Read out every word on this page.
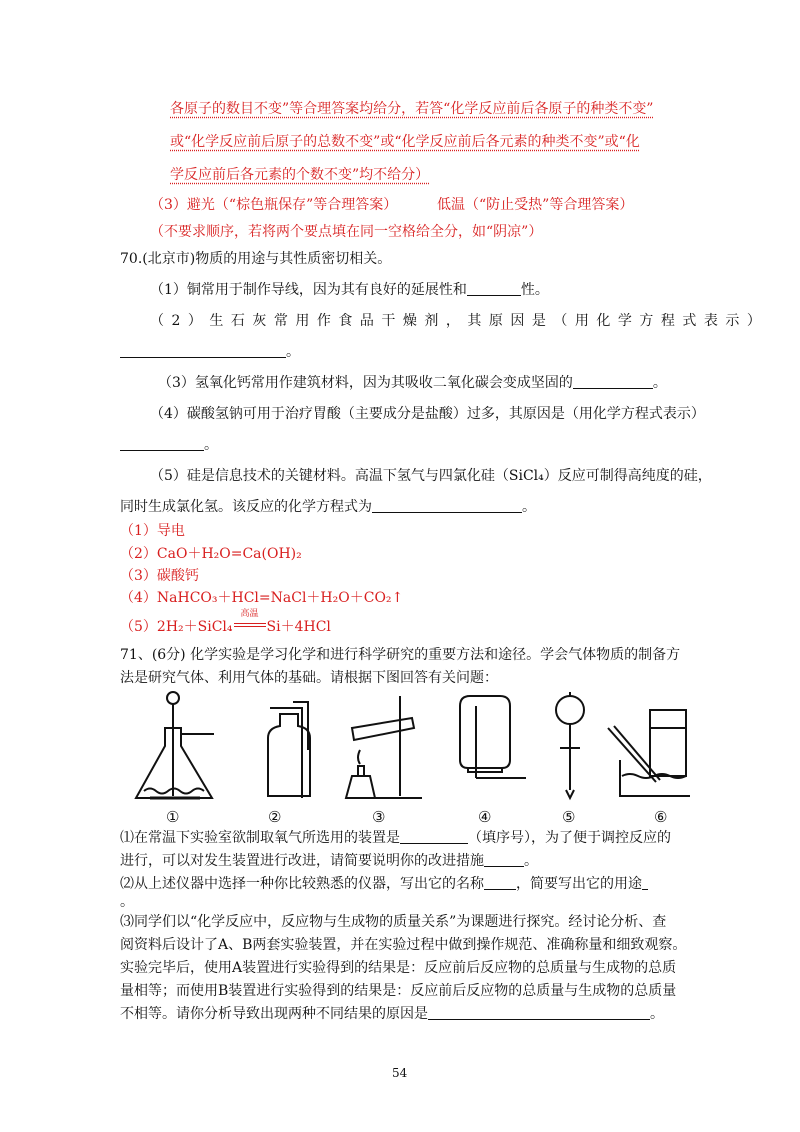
各原子的数目不变”等合理答案均给分，若答“化学反应前后各原子的种类不变”
或“化学反应前后原子的总数不变”或“化学反应前后各元素的种类不变”或“化
学反应前后各元素的个数不变”均不给分）
（3）避光（“棕色瓶保存”等合理答案）	低温（“防止受热”等合理答案）
（不要求顺序，若将两个要点填在同一空格给全分，如“阴凉”）
70.(北京市)物质的用途与其性质密切相关。
（1）铜常用于制作导线，因为其有良好的延展性和	性。
（2）生石灰常用作食品干燥剂，其原因是（用化学方程式表示）
。
（3）氢氧化钙常用作建筑材料，因为其吸收二氧化碳会变成坚固的	。
（4）碳酸氢钠可用于治疗胃酸（主要成分是盐酸）过多，其原因是（用化学方程式表示）
。
（5）硅是信息技术的关键材料。高温下氢气与四氯化硅（SiCl₄）反应可制得高纯度的硅，
同时生成氯化氢。该反应的化学方程式为	。
（1）导电
（2）CaO＋H₂O=Ca(OH)₂
（3）碳酸钙
（4）NaHCO₃＋HCl=NaCl＋H₂O＋CO₂↑
（5）2H₂＋SiCl₄
高温
Si＋4HCl
71、(6分) 化学实验是学习化学和进行科学研究的重要方法和途径。学会气体物质的制备方
法是研究气体、利用气体的基础。请根据下图回答有关问题：
①	②	③	④	⑤	⑥
⑴在常温下实验室欲制取氧气所选用的装置是	（填序号），为了便于调控反应的
进行，可以对发生装置进行改进，请简要说明你的改进措施	。
⑵从上述仪器中选择一种你比较熟悉的仪器，写出它的名称 ，简要写出它的用途
。
⑶同学们以“化学反应中，反应物与生成物的质量关系”为课题进行探究。经讨论分析、查
阅资料后设计了A、B两套实验装置，并在实验过程中做到操作规范、准确称量和细致观察。
实验完毕后，使用A装置进行实验得到的结果是：反应前后反应物的总质量与生成物的总质
量相等；而使用B装置进行实验得到的结果是：反应前后反应物的总质量与生成物的总质量
不相等。请你分析导致出现两种不同结果的原因是	。
54
